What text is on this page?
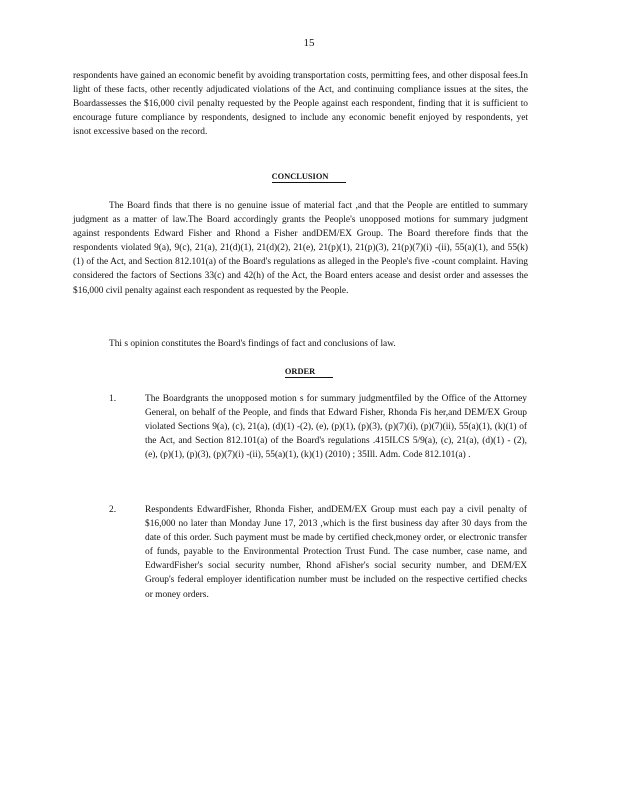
15

respondents have gained an economic benefit by avoiding transportation costs, permitting fees, and other disposal fees.In light of these facts, other recently adjudicated violations of the Act, and continuing compliance issues at the sites, the Boardassesses the $16,000 civil penalty requested by the People against each respondent, finding that it is sufficient to encourage future compliance by respondents, designed to include any economic benefit enjoyed by respondents, yet isnot excessive based on the record.

CONCLUSION

The Board finds that there is no genuine issue of material fact ,and that the People are entitled to summary judgment as a matter of law.The Board accordingly grants the People's unopposed motions for summary judgment against respondents Edward Fisher and Rhond a Fisher andDEM/EX Group. The Board therefore finds that the respondents violated 9(a), 9(c), 21(a), 21(d)(1), 21(d)(2), 21(e), 21(p)(1), 21(p)(3), 21(p)(7)(i) -(ii), 55(a)(1), and 55(k)(1) of the Act, and Section 812.101(a) of the Board's regulations as alleged in the People's five -count complaint. Having considered the factors of Sections 33(c) and 42(h) of the Act, the Board enters acease and desist order and assesses the $16,000 civil penalty against each respondent as requested by the People.

Thi s opinion constitutes the Board's findings of fact and conclusions of law.

ORDER
1.	The Boardgrants the unopposed motion s for summary judgmentfiled by the Office of the Attorney General, on behalf of the People, and finds that Edward Fisher, Rhonda Fis her,and DEM/EX Group violated Sections 9(a), (c), 21(a), (d)(1) -(2), (e), (p)(1), (p)(3), (p)(7)(i), (p)(7)(ii), 55(a)(1), (k)(1) of the Act, and Section 812.101(a) of the Board's regulations .415ILCS 5/9(a), (c), 21(a), (d)(1) - (2), (e), (p)(1), (p)(3), (p)(7)(i) -(ii), 55(a)(1), (k)(1) (2010) ; 35Ill. Adm. Code 812.101(a) .

2.	Respondents EdwardFisher, Rhonda Fisher, andDEM/EX Group must each pay a civil penalty of $16,000 no later than Monday June 17, 2013 ,which is the first business day after 30 days from the date of this order. Such payment must be made by certified check,money order, or electronic transfer of funds, payable to the Environmental Protection Trust Fund. The case number, case name, and EdwardFisher's social security number, Rhond aFisher's social security number, and DEM/EX Group's federal employer identification number must be included on the respective certified checks or money orders.
